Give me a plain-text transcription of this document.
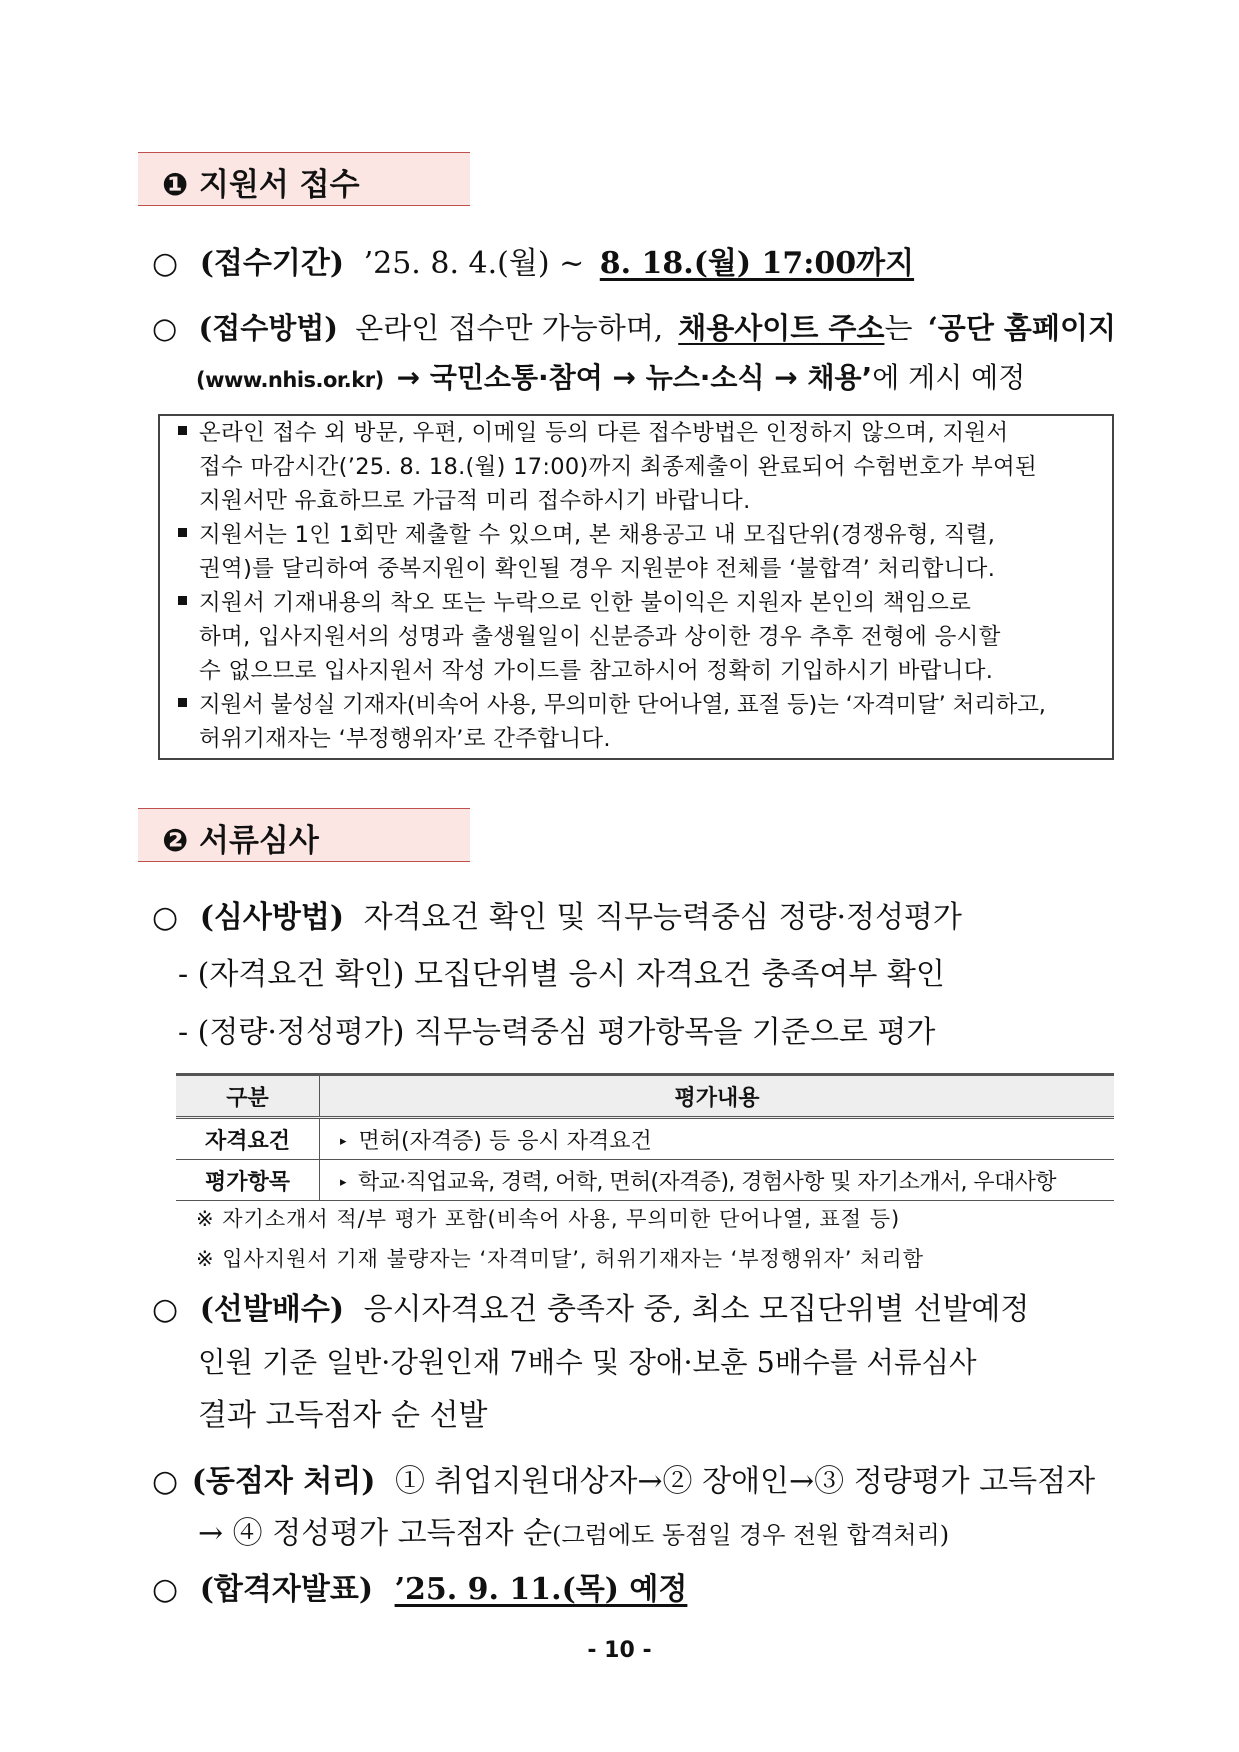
❶ 지원서 접수
○ (접수기간) ’25. 8. 4.(월) ~ 8. 18.(월) 17:00까지
○ (접수방법) 온라인 접수만 가능하며, 채용사이트 주소는 ‘공단 홈페이지
(www.nhis.or.kr) → 국민소통·참여 → 뉴스·소식 → 채용’에 게시 예정
온라인 접수 외 방문, 우편, 이메일 등의 다른 접수방법은 인정하지 않으며, 지원서
접수 마감시간(’25. 8. 18.(월) 17:00)까지 최종제출이 완료되어 수험번호가 부여된
지원서만 유효하므로 가급적 미리 접수하시기 바랍니다.
지원서는 1인 1회만 제출할 수 있으며, 본 채용공고 내 모집단위(경쟁유형, 직렬,
권역)를 달리하여 중복지원이 확인될 경우 지원분야 전체를 ‘불합격’ 처리합니다.
지원서 기재내용의 착오 또는 누락으로 인한 불이익은 지원자 본인의 책임으로
하며, 입사지원서의 성명과 출생월일이 신분증과 상이한 경우 추후 전형에 응시할
수 없으므로 입사지원서 작성 가이드를 참고하시어 정확히 기입하시기 바랍니다.
지원서 불성실 기재자(비속어 사용, 무의미한 단어나열, 표절 등)는 ‘자격미달’ 처리하고,
허위기재자는 ‘부정행위자’로 간주합니다.
❷ 서류심사
○ (심사방법) 자격요건 확인 및 직무능력중심 정량·정성평가
- (자격요건 확인) 모집단위별 응시 자격요건 충족여부 확인
- (정량·정성평가) 직무능력중심 평가항목을 기준으로 평가
구분	평가내용
자격요건	▸ 면허(자격증) 등 응시 자격요건
평가항목	▸ 학교·직업교육, 경력, 어학, 면허(자격증), 경험사항 및 자기소개서, 우대사항
※ 자기소개서 적/부 평가 포함(비속어 사용, 무의미한 단어나열, 표절 등)
※ 입사지원서 기재 불량자는 ‘자격미달’, 허위기재자는 ‘부정행위자’ 처리함
○ (선발배수) 응시자격요건 충족자 중, 최소 모집단위별 선발예정
인원 기준 일반·강원인재 7배수 및 장애·보훈 5배수를 서류심사
결과 고득점자 순 선발
○ (동점자 처리) ① 취업지원대상자→② 장애인→③ 정량평가 고득점자
→ ④ 정성평가 고득점자 순(그럼에도 동점일 경우 전원 합격처리)
○ (합격자발표) ’25. 9. 11.(목) 예정
- 10 -
